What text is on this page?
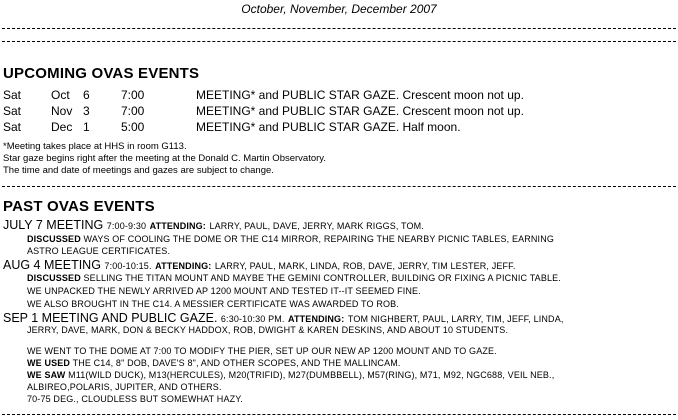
October, November, December 2007
UPCOMING OVAS EVENTS
Sat Oct 6	7:00	MEETING* and PUBLIC STAR GAZE. Crescent moon not up.
Sat Nov 3	7:00	MEETING* and PUBLIC STAR GAZE. Crescent moon not up.
Sat Dec 1	5:00	MEETING* and PUBLIC STAR GAZE. Half moon.
*Meeting takes place at HHS in room G113.
Star gaze begins right after the meeting at the Donald C. Martin Observatory.
The time and date of meetings and gazes are subject to change.
PAST OVAS EVENTS
JULY 7 MEETING 7:00-9:30 ATTENDING: LARRY, PAUL, DAVE, JERRY, MARK RIGGS, TOM.
DISCUSSED WAYS OF COOLING THE DOME OR THE C14 MIRROR, REPAIRING THE NEARBY PICNIC TABLES, EARNING
ASTRO LEAGUE CERTIFICATES.
AUG 4 MEETING 7:00-10:15. ATTENDING: LARRY, PAUL, MARK, LINDA, ROB, DAVE, JERRY, TIM LESTER, JEFF.
DISCUSSED SELLING THE TITAN MOUNT AND MAYBE THE GEMINI CONTROLLER, BUILDING OR FIXING A PICNIC TABLE.
WE UNPACKED THE NEWLY ARRIVED AP 1200 MOUNT AND TESTED IT--IT SEEMED FINE.
WE ALSO BROUGHT IN THE C14. A MESSIER CERTIFICATE WAS AWARDED TO ROB.
SEP 1 MEETING AND PUBLIC GAZE. 6:30-10:30 PM. ATTENDING: TOM NIGHBERT, PAUL, LARRY, TIM, JEFF, LINDA,
JERRY, DAVE, MARK, DON & BECKY HADDOX, ROB, DWIGHT & KAREN DESKINS, AND ABOUT 10 STUDENTS.
WE WENT TO THE DOME AT 7:00 TO MODIFY THE PIER, SET UP OUR NEW AP 1200 MOUNT AND TO GAZE.
WE USED THE C14, 8" DOB, DAVE'S 8", AND OTHER SCOPES, AND THE MALLINCAM.
WE SAW M11(WILD DUCK), M13(HERCULES), M20(TRIFID), M27(DUMBBELL), M57(RING), M71, M92, NGC688, VEIL NEB.,
ALBIREO,POLARIS, JUPITER, AND OTHERS.
70-75 DEG., CLOUDLESS BUT SOMEWHAT HAZY.
